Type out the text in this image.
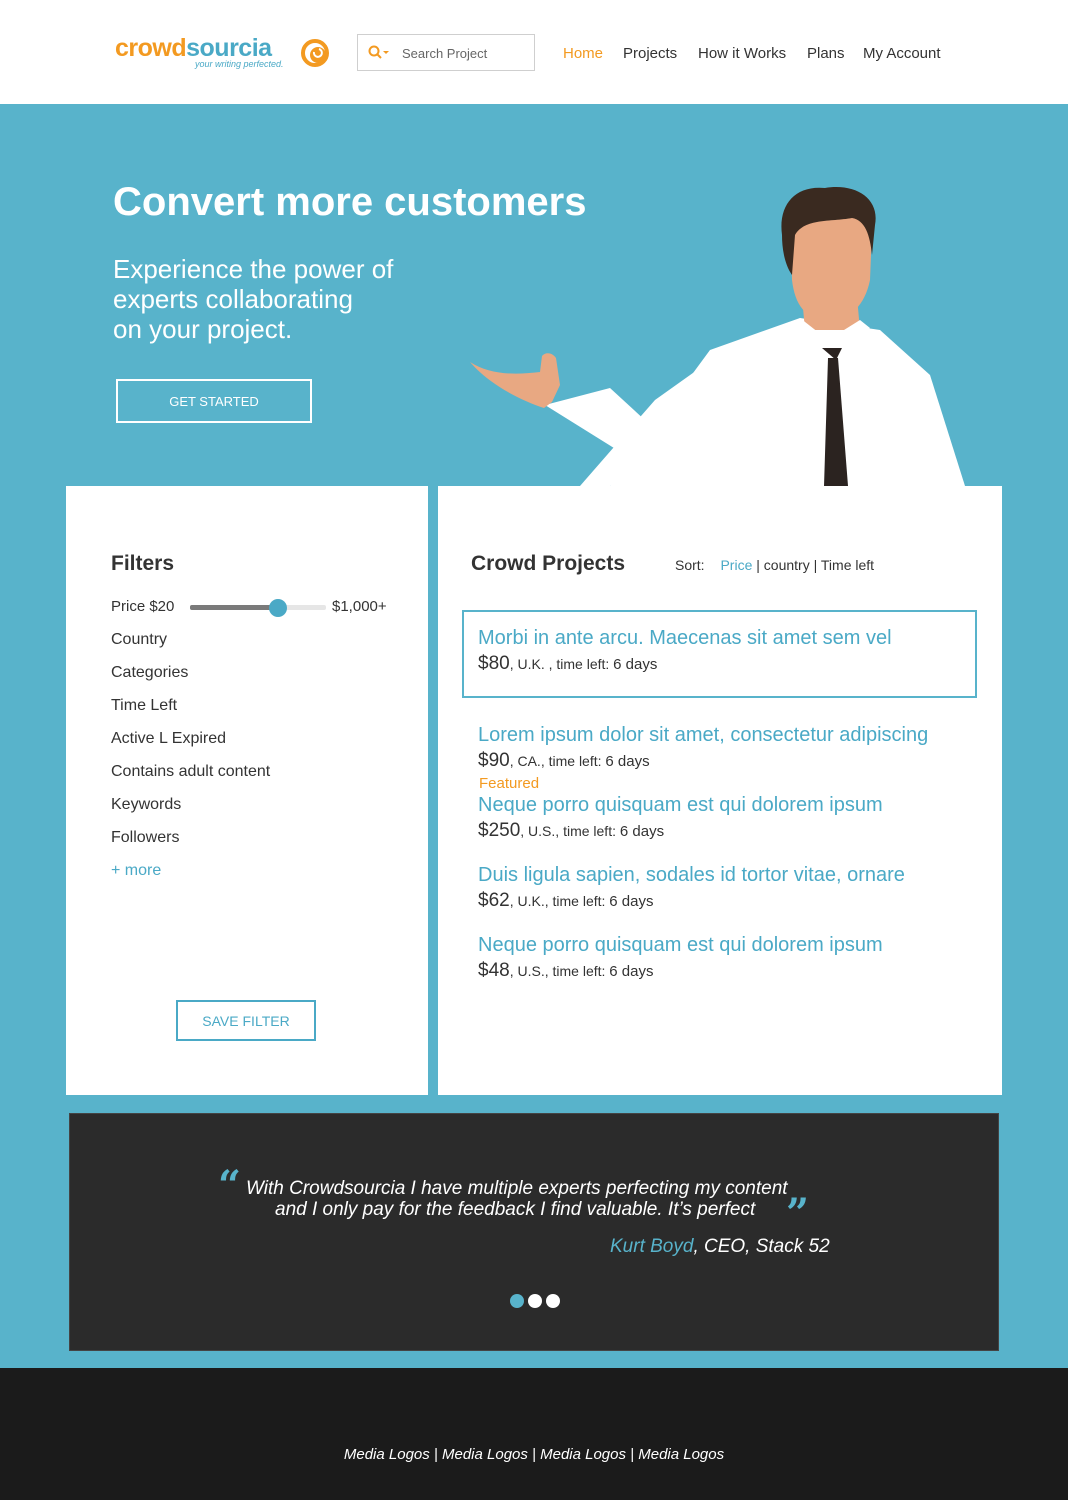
crowdsourcia
your writing perfected.
Search Project
Home Projects How it Works Plans My Account
Convert more customers
Experience the power of
experts collaborating
on your project.
GET STARTED
Filters
Price $20	$1,000+
Country
Categories
Time Left
Active L Expired
Contains adult content
Keywords
Followers
+ more
SAVE FILTER
Crowd Projects	Sort: Price | country | Time left
Morbi in ante arcu. Maecenas sit amet sem vel
$80, U.K. , time left: 6 days
Lorem ipsum dolor sit amet, consectetur adipiscing
$90, CA., time left: 6 days
Featured
Neque porro quisquam est qui dolorem ipsum
$250, U.S., time left: 6 days
Duis ligula sapien, sodales id tortor vitae, ornare
$62, U.K., time left: 6 days
Neque porro quisquam est qui dolorem ipsum
$48, U.S., time left: 6 days
“ With Crowdsourcia I have multiple experts perfecting my content
and I only pay for the feedback I find valuable. It’s perfect ”
Kurt Boyd, CEO, Stack 52
Media Logos | Media Logos | Media Logos | Media Logos
